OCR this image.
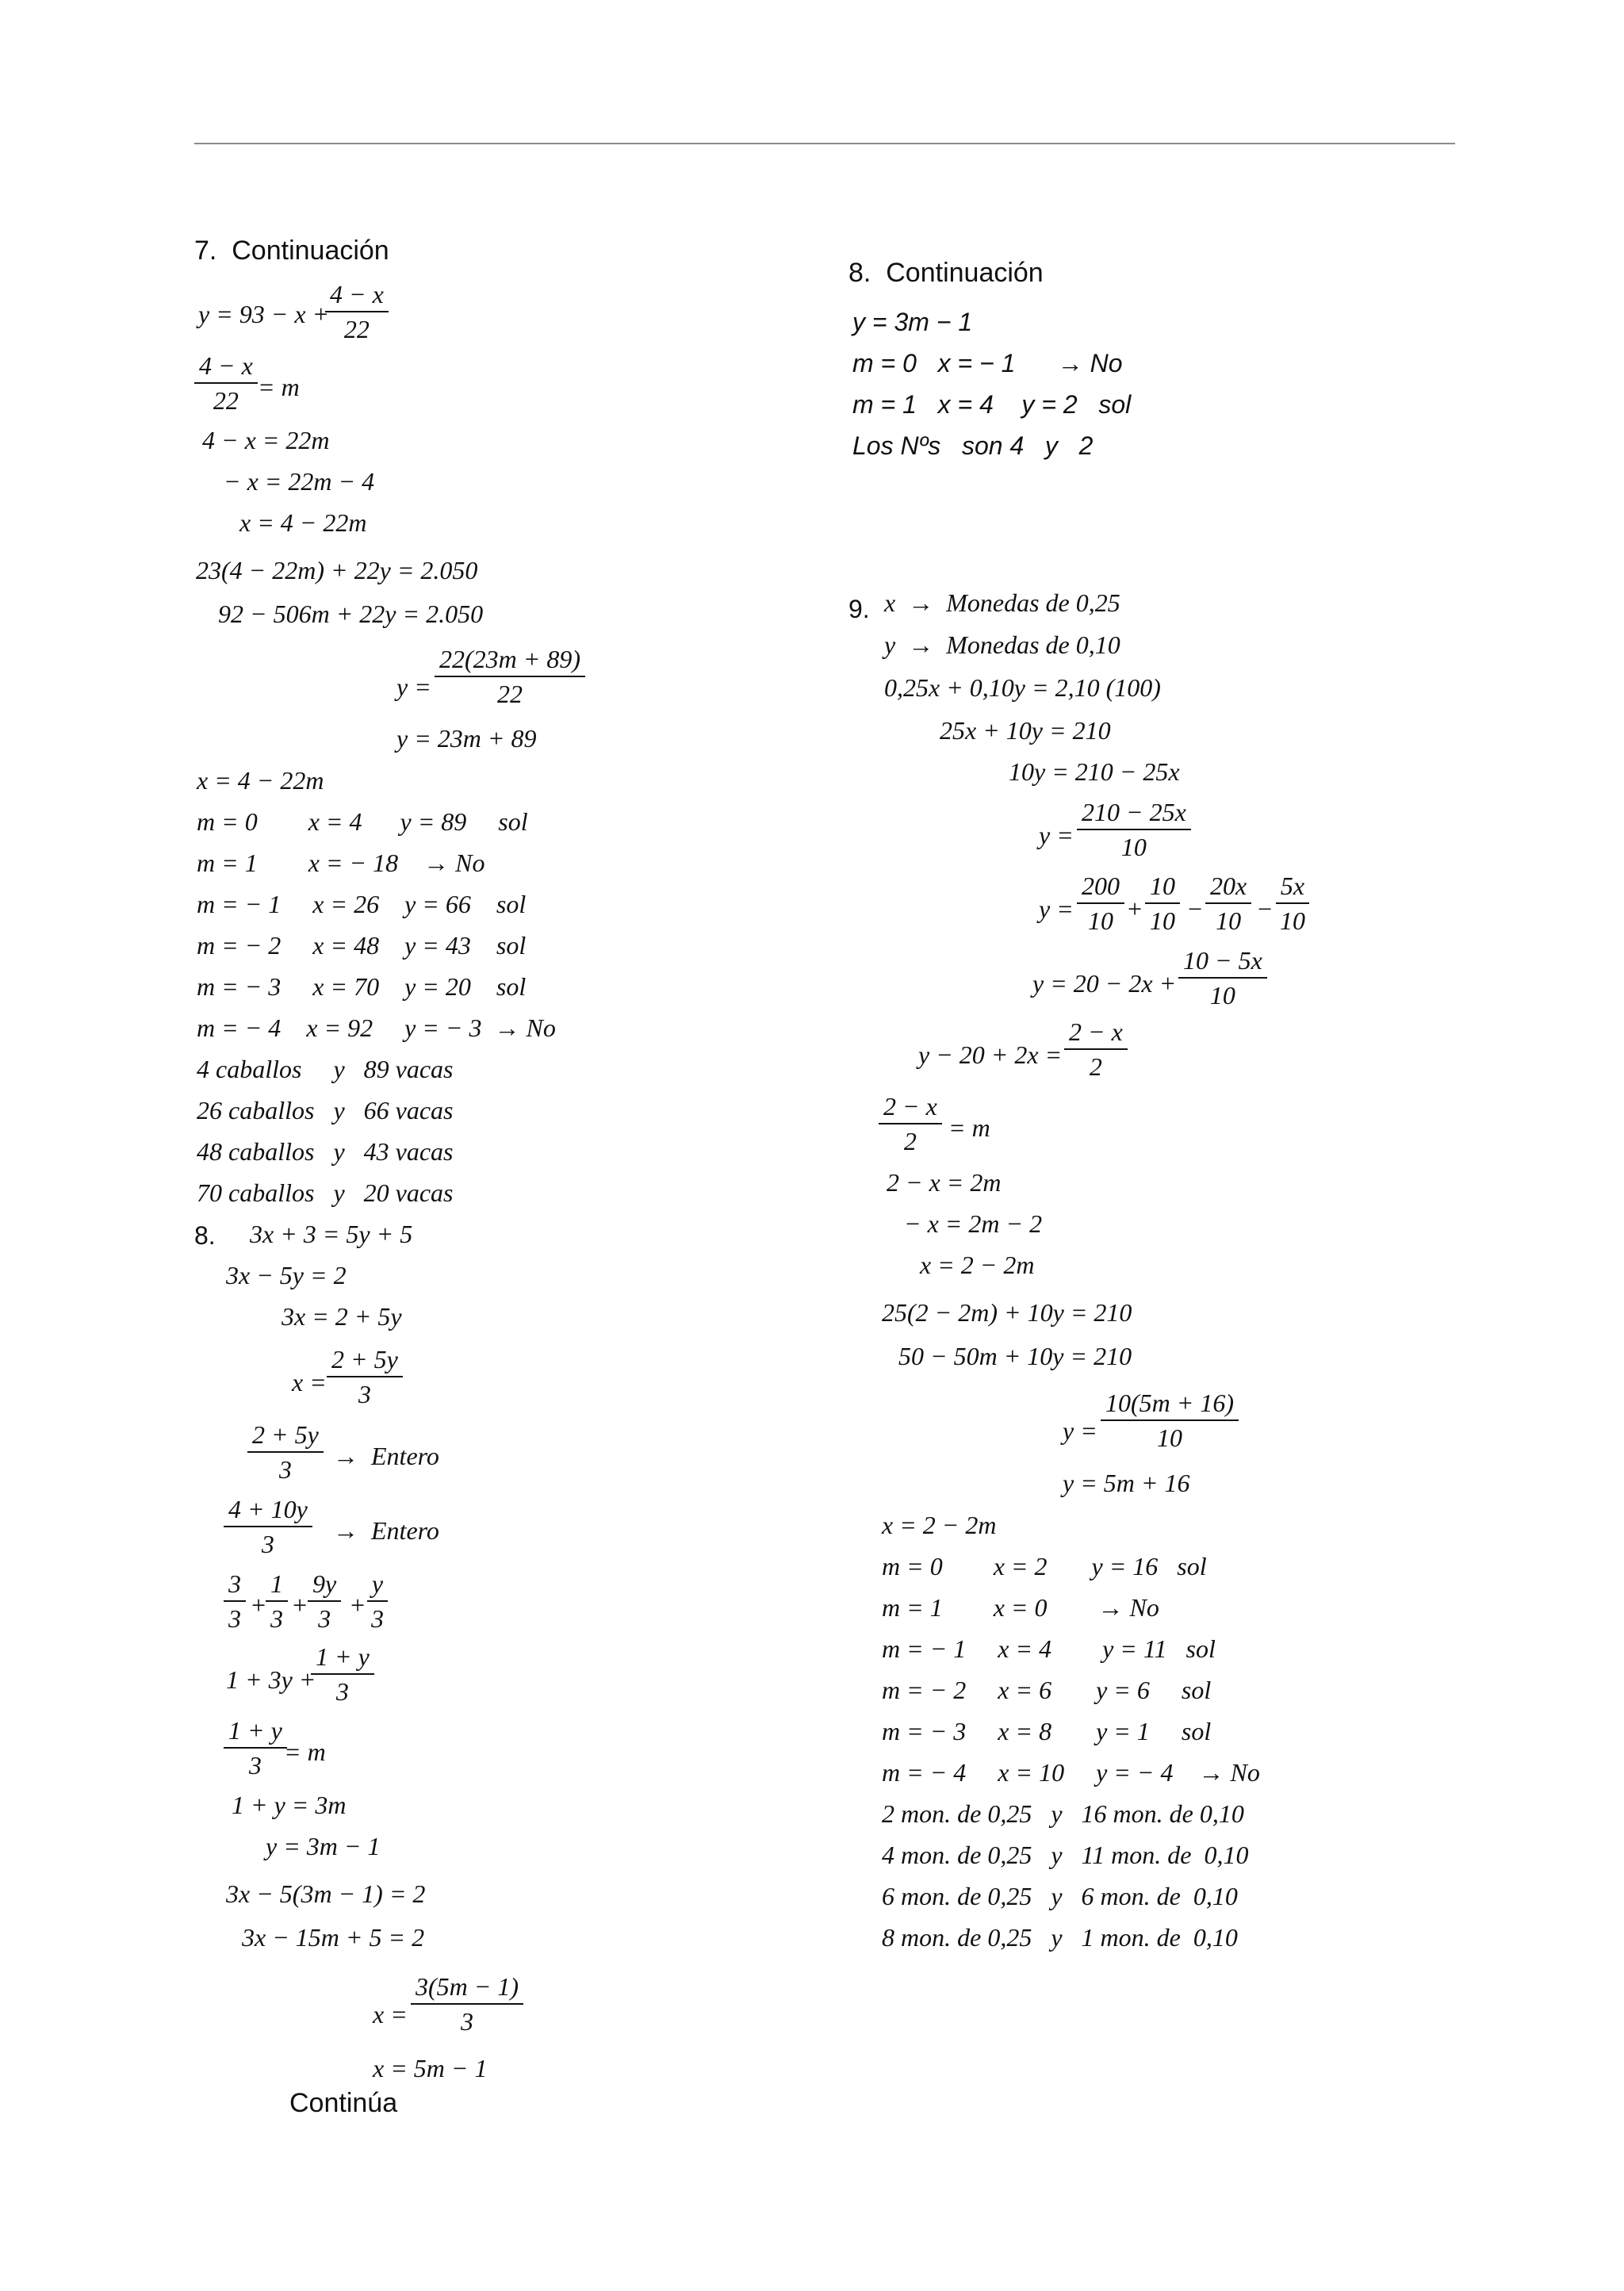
7.  Continuación
y = 93 − x +
$\frac{4 - x}{22}$
$\frac{4 - x}{22} = m$
4 − x = 22m
− x = 22m − 4
x = 4 − 22m
23(4 − 22m) + 22y = 2.050
92 − 506m + 22y = 2.050
$y = \frac{22(23m + 89)}{22}$
y = 23m + 89
x = 4 − 22m
m = 0        x = 4      y = 89     sol
m = 1        x = − 18    → No
m = − 1     x = 26    y = 66    sol
m = − 2     x = 48    y = 43    sol
m = − 3     x = 70    y = 20    sol
m = − 4    x = 92     y = − 3  → No
4 caballos     y   89 vacas
26 caballos   y   66 vacas
48 caballos   y   43 vacas
70 caballos   y   20 vacas
8. 3x + 3 = 5y + 5
3x − 5y = 2
3x = 2 + 5y
$x = \frac{2 + 5y}{3}$
$\frac{2 + 5y}{3}$ →  Entero
$\frac{4 + 10y}{3}$ →  Entero
$\frac{3}{3}$ +
$\frac{1}{3} + \frac{9y}{3} + \frac{y}{3}$
1 + 3y +
$\frac{1 + y}{3}$
$\frac{1 + y}{3}$
= m
1 + y = 3m
y = 3m − 1
3x − 5(3m − 1) = 2
3x − 15m + 5 = 2
$x = \frac{3(5m - 1)}{3}$
x = 5m − 1
Continúa
8.  Continuación
y = 3m − 1
m = 0   x = − 1      → No
m = 1   x = 4    y = 2   sol
Los Nºs   son 4   y   2
9. x  →  Monedas de 0,25
y  →  Monedas de 0,10
0,25x + 0,10y = 2,10 (100)
25x + 10y = 210
10y = 210 − 25x
$y = \frac{210 - 25x}{10}$
$y = \frac{200}{10} + \frac{10}{10} - \frac{20x}{10} - \frac{5x}{10}$
$y = 20 - 2x + \frac{10 - 5x}{10}$
$y - 20 + 2x = \frac{2 - x}{2}$
$\frac{2 - x}{2} = m$
2 − x = 2m
− x = 2m − 2
x = 2 − 2m
25(2 − 2m) + 10y = 210
50 − 50m + 10y = 210
$y = \frac{10(5m + 16)}{10}$
y = 5m + 16
x = 2 − 2m
m = 0        x = 2       y = 16   sol
m = 1        x = 0        → No
m = − 1     x = 4        y = 11   sol
m = − 2     x = 6       y = 6     sol
m = − 3     x = 8       y = 1     sol
m = − 4     x = 10     y = − 4    → No
2 mon. de 0,25   y   16 mon. de 0,10
4 mon. de 0,25   y   11 mon. de  0,10
6 mon. de 0,25   y   6 mon. de  0,10
8 mon. de 0,25   y   1 mon. de  0,10
